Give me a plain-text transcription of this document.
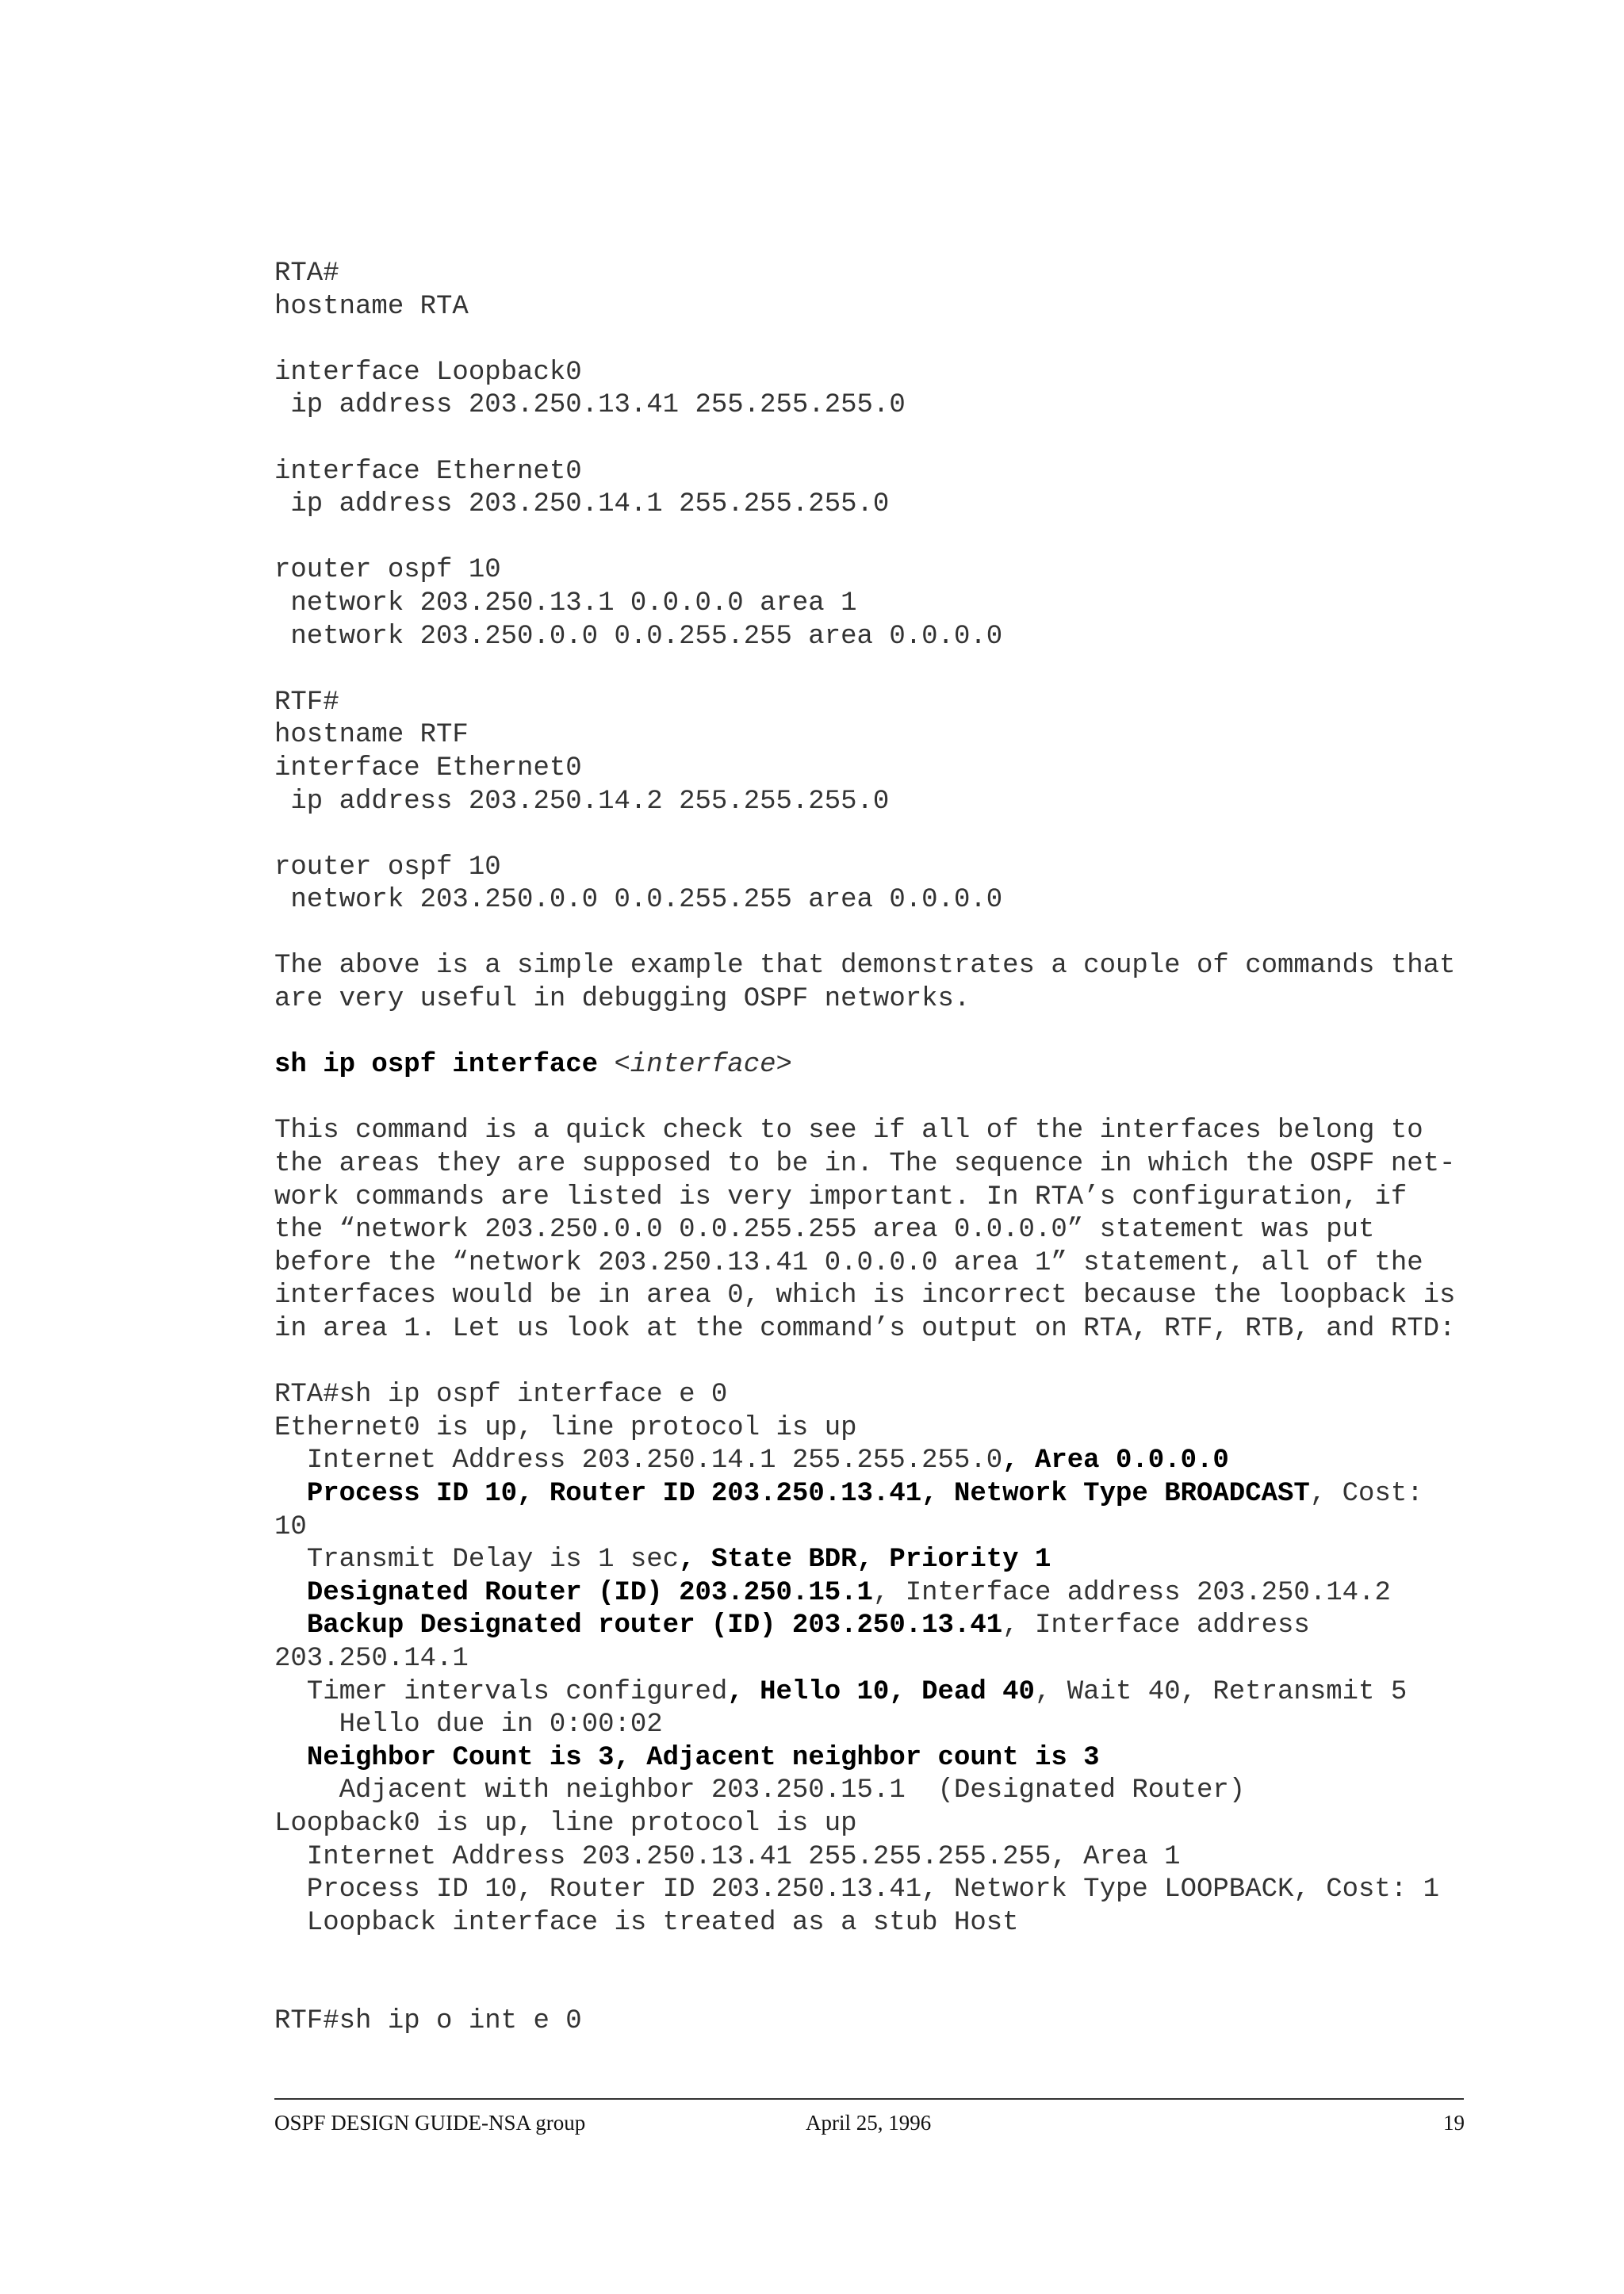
RTA#
hostname RTA
interface Loopback0
ip address 203.250.13.41 255.255.255.0
interface Ethernet0
ip address 203.250.14.1 255.255.255.0
router ospf 10
network 203.250.13.1 0.0.0.0 area 1
network 203.250.0.0 0.0.255.255 area 0.0.0.0
RTF#
hostname RTF
interface Ethernet0
ip address 203.250.14.2 255.255.255.0
router ospf 10
network 203.250.0.0 0.0.255.255 area 0.0.0.0
The above is a simple example that demonstrates a couple of commands that
are very useful in debugging OSPF networks.
sh ip ospf interface <interface>
This command is a quick check to see if all of the interfaces belong to
the areas they are supposed to be in. The sequence in which the OSPF net-
work commands are listed is very important. In RTA’s configuration, if
the “network 203.250.0.0 0.0.255.255 area 0.0.0.0” statement was put
before the “network 203.250.13.41 0.0.0.0 area 1” statement, all of the
interfaces would be in area 0, which is incorrect because the loopback is
in area 1. Let us look at the command’s output on RTA, RTF, RTB, and RTD:
RTA#sh ip ospf interface e 0
Ethernet0 is up, line protocol is up
Internet Address 203.250.14.1 255.255.255.0, Area 0.0.0.0
Process ID 10, Router ID 203.250.13.41, Network Type BROADCAST, Cost:
10
Transmit Delay is 1 sec, State BDR, Priority 1
Designated Router (ID) 203.250.15.1, Interface address 203.250.14.2
Backup Designated router (ID) 203.250.13.41, Interface address
203.250.14.1
Timer intervals configured, Hello 10, Dead 40, Wait 40, Retransmit 5
Hello due in 0:00:02
Neighbor Count is 3, Adjacent neighbor count is 3
Adjacent with neighbor 203.250.15.1  (Designated Router)
Loopback0 is up, line protocol is up
Internet Address 203.250.13.41 255.255.255.255, Area 1
Process ID 10, Router ID 203.250.13.41, Network Type LOOPBACK, Cost: 1
Loopback interface is treated as a stub Host
RTF#sh ip o int e 0
OSPF DESIGN GUIDE-NSA group	April 25, 1996	19
